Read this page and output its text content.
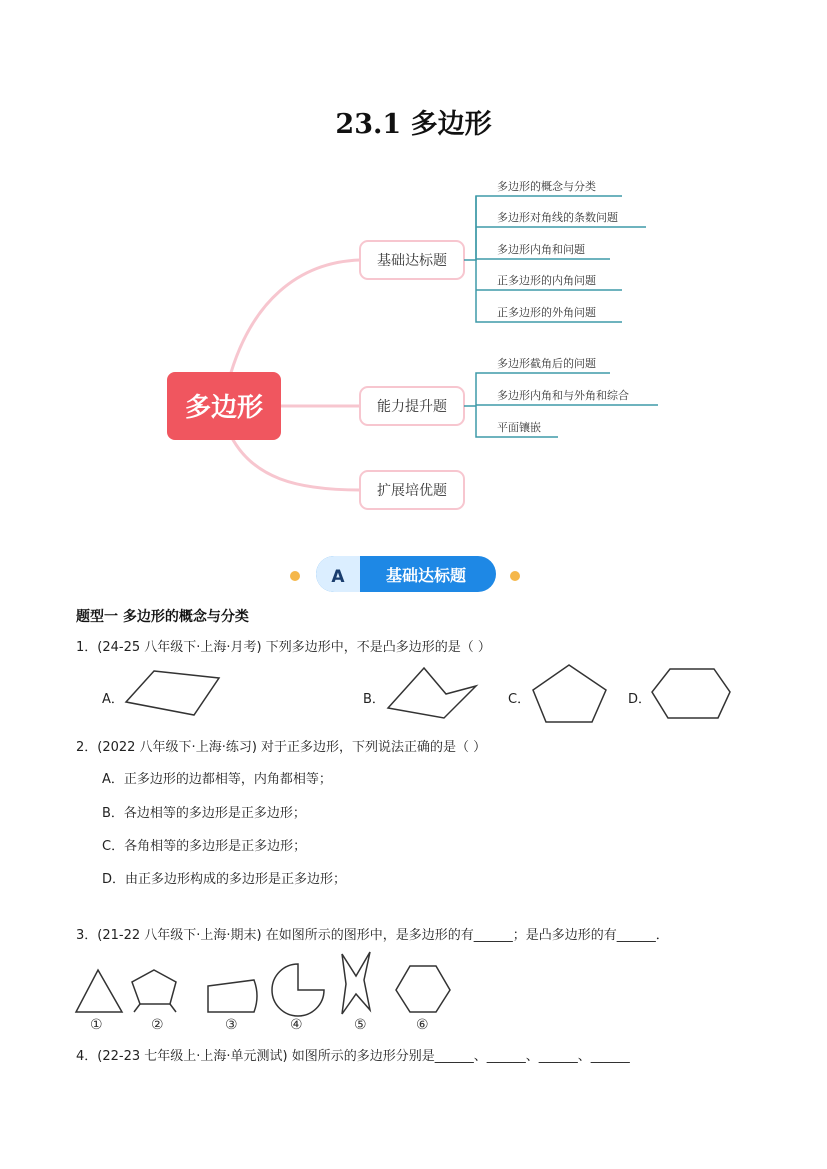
23.1 多边形
多边形
基础达标题
能力提升题
扩展培优题
多边形的概念与分类
多边形对角线的条数问题
多边形内角和问题
正多边形的内角问题
正多边形的外角问题
多边形截角后的问题
多边形内角和与外角和综合
平面镶嵌
A	基础达标题
题型一 多边形的概念与分类
1．(24-25 八年级下·上海·月考) 下列多边形中，不是凸多边形的是（ ）
A．	B．	C．	D．
2．(2022 八年级下·上海·练习) 对于正多边形，下列说法正确的是（ ）
A．正多边形的边都相等，内角都相等；
B．各边相等的多边形是正多边形；
C．各角相等的多边形是正多边形；
D．由正多边形构成的多边形是正多边形；
3．(21-22 八年级下·上海·期末) 在如图所示的图形中，是多边形的有______；是凸多边形的有______．
①	②	③	④	⑤	⑥
4．(22-23 七年级上·上海·单元测试) 如图所示的多边形分别是______、______、______、______
